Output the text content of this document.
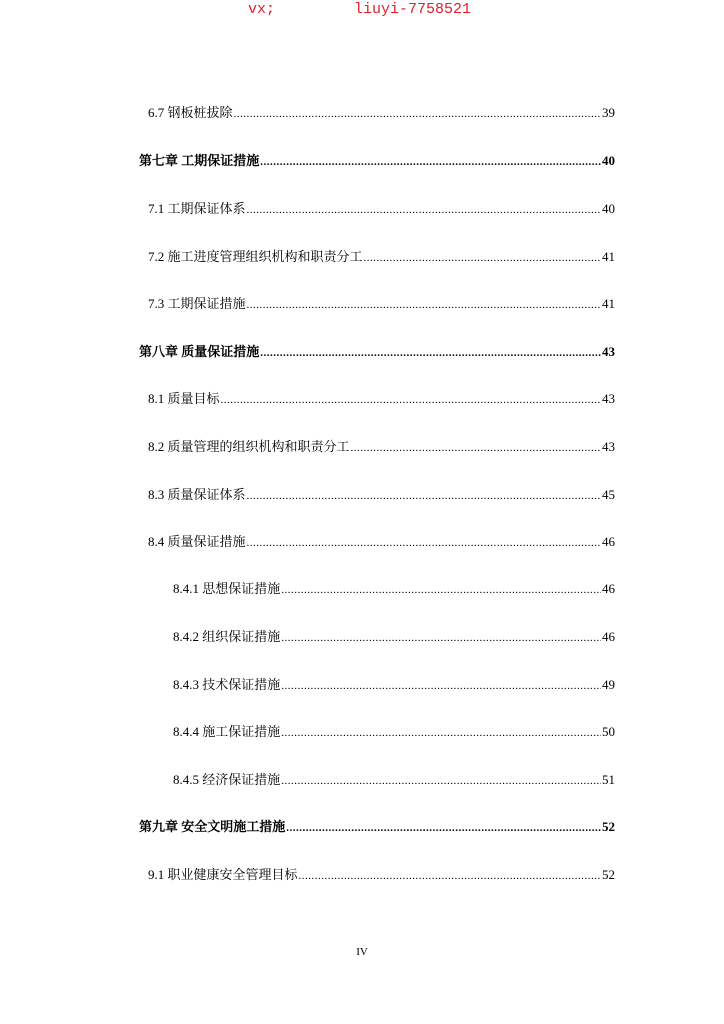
vx;	liuyi-7758521
6.7 钢板桩拔除 .....	39
第七章 工期保证措施 .....	40
7.1 工期保证体系 .....	40
7.2 施工进度管理组织机构和职责分工 .....	41
7.3 工期保证措施 .....	41
第八章 质量保证措施 .....	43
8.1 质量目标 .....	43
8.2 质量管理的组织机构和职责分工 .....	43
8.3 质量保证体系 .....	45
8.4 质量保证措施 .....	46
8.4.1 思想保证措施 .....	46
8.4.2 组织保证措施 .....	46
8.4.3 技术保证措施 .....	49
8.4.4 施工保证措施 .....	50
8.4.5 经济保证措施 .....	51
第九章 安全文明施工措施 .....	52
9.1 职业健康安全管理目标 .....	52
IV
